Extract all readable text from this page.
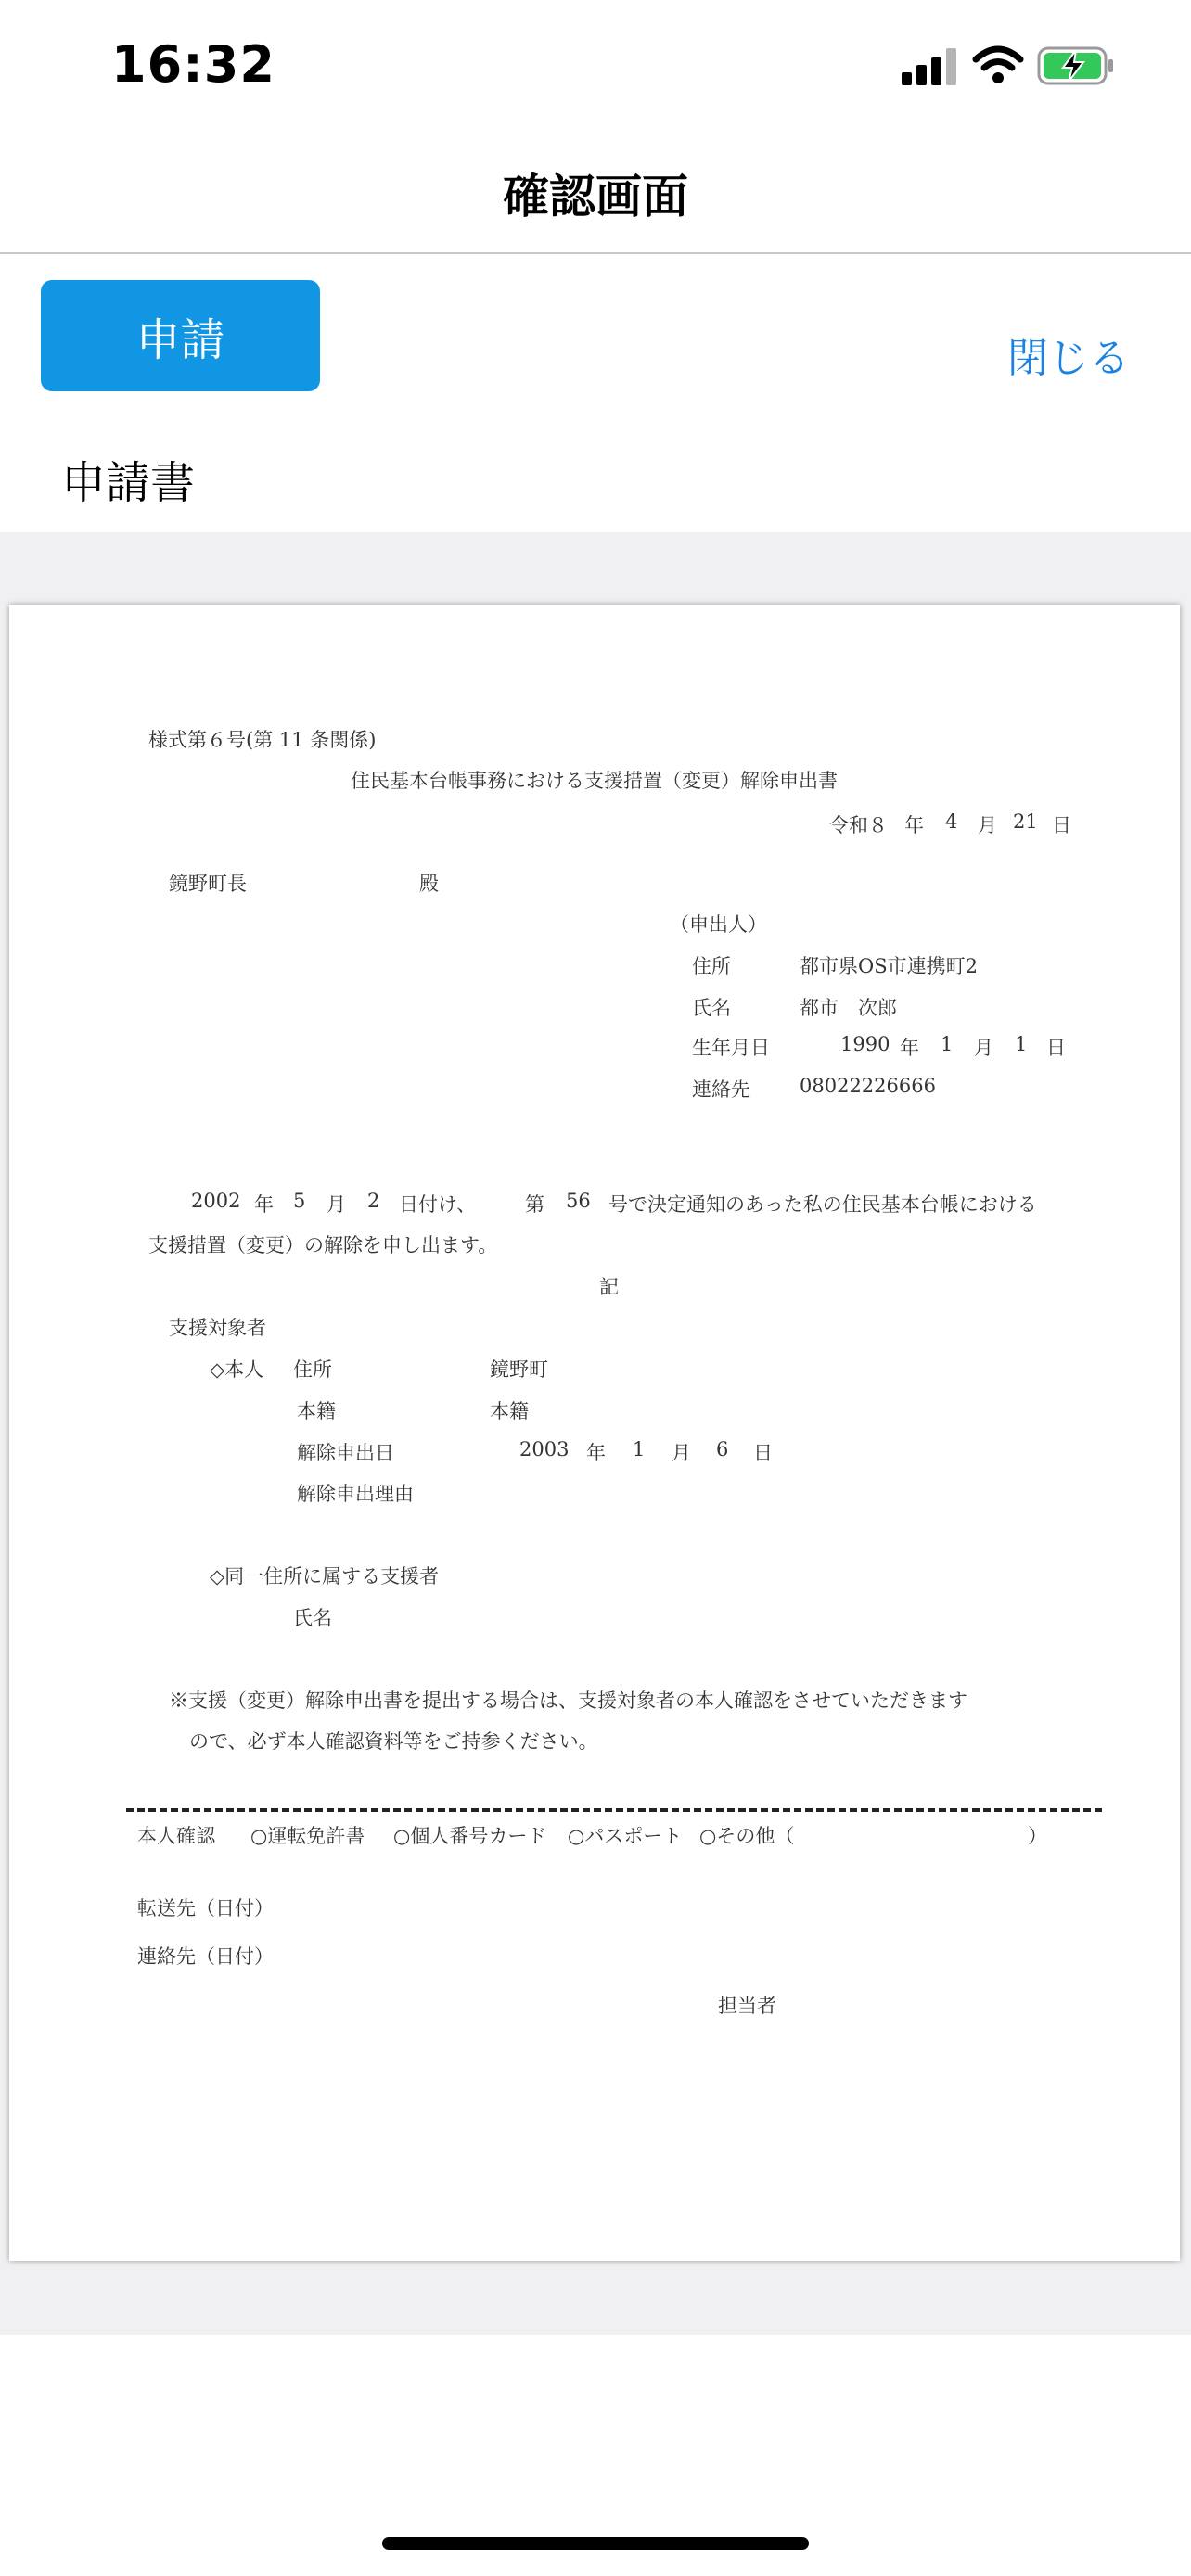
16:32
確認画面
申請	閉じる
申請書
様式第６号(第 11 条関係)
住民基本台帳事務における支援措置（変更）解除申出書
令和８ 年 4 月 21 日
鏡野町長	殿
（申出人）
住所	都市県OS市連携町2
氏名	都市　次郎
生年月日	1990 年 1 月 1 日
連絡先	08022226666
2002 年 5 月 2 日付け、	第 56 号で決定通知のあった私の住民基本台帳における
支援措置（変更）の解除を申し出ます。
記
支援対象者
◇本人 住所	鏡野町
本籍	本籍
解除申出日	2003 年 1 月 6 日
解除申出理由
◇同一住所に属する支援者
氏名
※支援（変更）解除申出書を提出する場合は、支援対象者の本人確認をさせていただきます
ので、必ず本人確認資料等をご持参ください。
本人確認 ○運転免許書 ○個人番号カード ○パスポート ○その他（	）
転送先（日付）
連絡先（日付）
担当者
